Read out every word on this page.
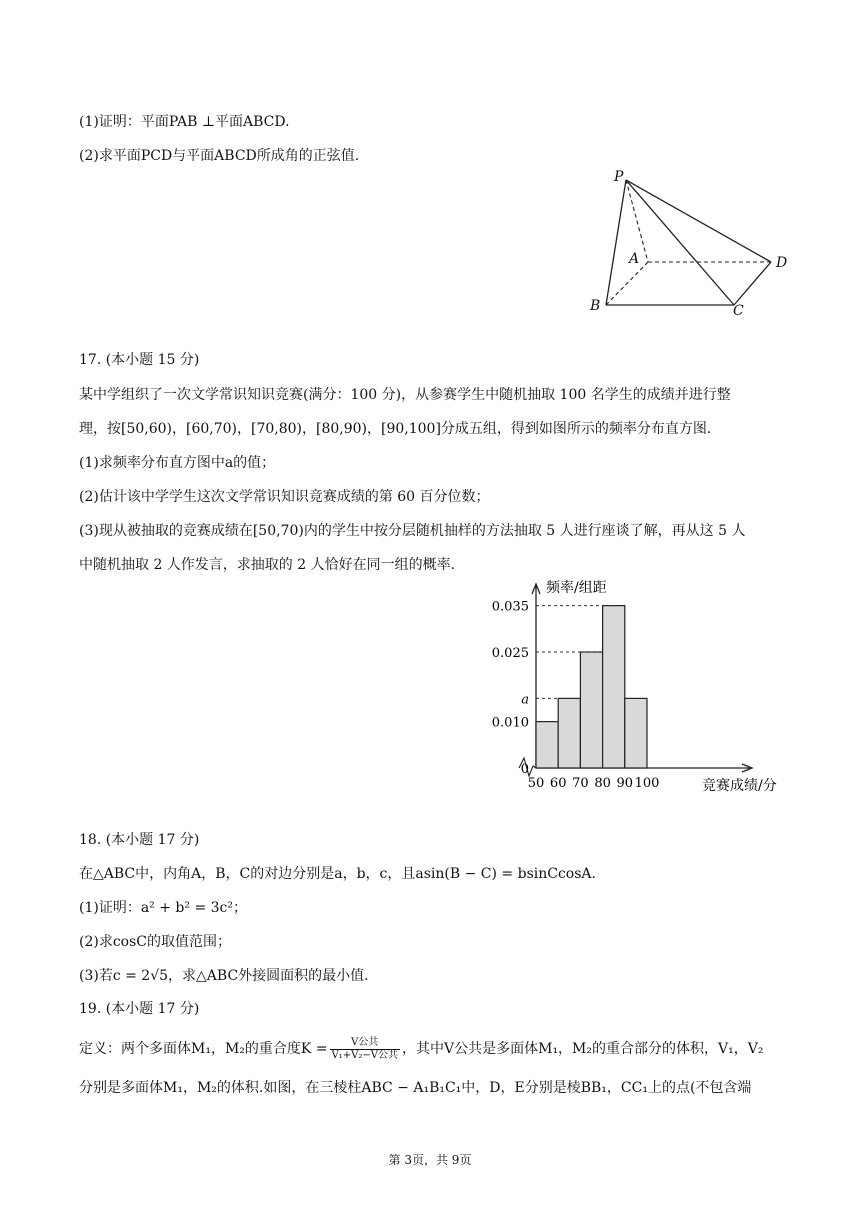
(1)证明：平面PAB ⊥平面ABCD.
(2)求平面PCD与平面ABCD所成角的正弦值.
P
A
B	C
D
17. (本小题 15 分)
某中学组织了一次文学常识知识竞赛(满分：100 分)，从参赛学生中随机抽取 100 名学生的成绩并进行整
理，按[50,60)，[60,70)，[70,80)，[80,90)，[90,100]分成五组，得到如图所示的频率分布直方图.
(1)求频率分布直方图中a的值；
(2)估计该中学学生这次文学常识知识竞赛成绩的第 60 百分位数；
(3)现从被抽取的竞赛成绩在[50,70)内的学生中按分层随机抽样的方法抽取 5 人进行座谈了解，再从这 5 人
中随机抽取 2 人作发言，求抽取的 2 人恰好在同一组的概率.
0
0.010
a
0.025
0.035
50 60 70 80 90 100
频率/组距
竞赛成绩/分
18. (本小题 17 分)
在△ABC中，内角A，B，C的对边分别是a，b，c，且asin(B − C) = bsinCcosA.
(1)证明：a² + b² = 3c²；
(2)求cosC的取值范围；
(3)若c = 2√5，求△ABC外接圆面积的最小值.
19. (本小题 17 分)
定义：两个多面体M₁，M₂的重合度$K = \frac{\text{V公共}}{\text{V₁+V₂−V公共}}$ ，其中V公共是多面体M₁，M₂的重合部分的体积，V₁，V₂
分别是多面体M₁，M₂的体积.如图，在三棱柱ABC − A₁B₁C₁中，D，E分别是棱BB₁，CC₁上的点(不包含端
第 3页，共 9页
